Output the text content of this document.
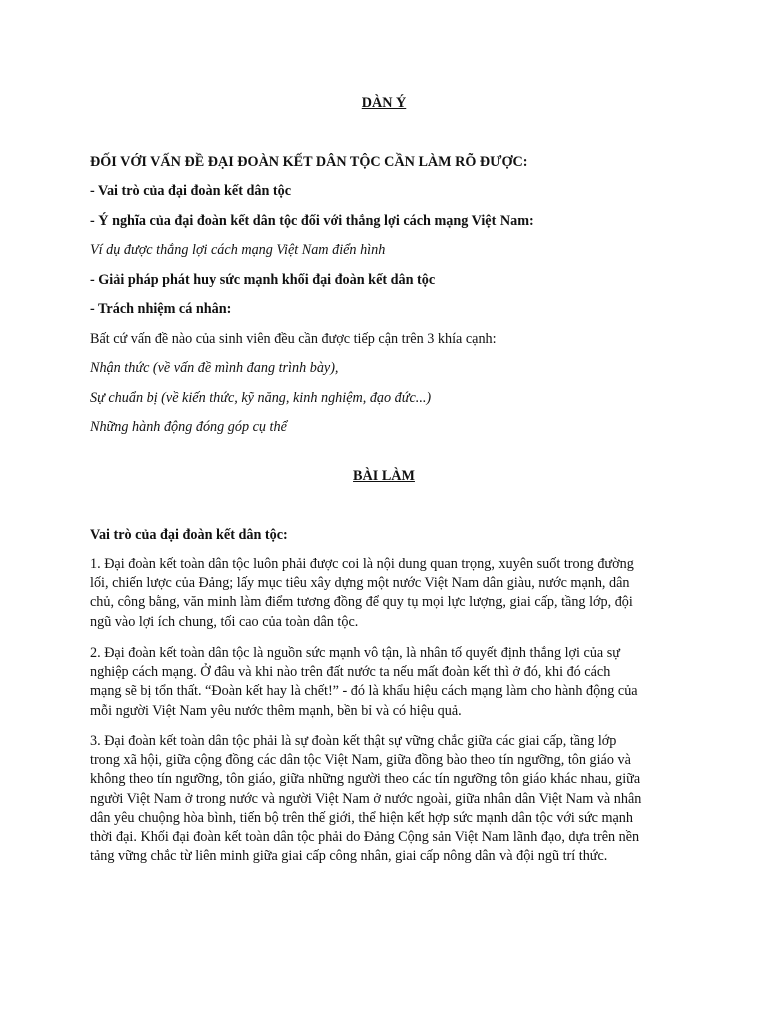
DÀN Ý
ĐỐI VỚI VẤN ĐỀ ĐẠI ĐOÀN KẾT DÂN TỘC CẦN LÀM RÕ ĐƯỢC:
- Vai trò của đại đoàn kết dân tộc
- Ý nghĩa của đại đoàn kết dân tộc đối với thắng lợi cách mạng Việt Nam:
Ví dụ được thắng lợi cách mạng Việt Nam điển hình
- Giải pháp phát huy sức mạnh khối đại đoàn kết dân tộc
- Trách nhiệm cá nhân:
Bất cứ vấn đề nào của sinh viên đều cần được tiếp cận trên 3 khía cạnh:
Nhận thức (về vấn đề mình đang trình bày),
Sự chuẩn bị (về kiến thức, kỹ năng, kinh nghiệm, đạo đức...)
Những hành động đóng góp cụ thể
BÀI LÀM
Vai trò của đại đoàn kết dân tộc:
1. Đại đoàn kết toàn dân tộc luôn phải được coi là nội dung quan trọng, xuyên suốt trong đường
lối, chiến lược của Đảng; lấy mục tiêu xây dựng một nước Việt Nam dân giàu, nước mạnh, dân
chủ, công bằng, văn minh làm điểm tương đồng để quy tụ mọi lực lượng, giai cấp, tầng lớp, đội
ngũ vào lợi ích chung, tối cao của toàn dân tộc.
2. Đại đoàn kết toàn dân tộc là nguồn sức mạnh vô tận, là nhân tố quyết định thắng lợi của sự
nghiệp cách mạng. Ở đâu và khi nào trên đất nước ta nếu mất đoàn kết thì ở đó, khi đó cách
mạng sẽ bị tổn thất. “Đoàn kết hay là chết!” - đó là khẩu hiệu cách mạng làm cho hành động của
mỗi người Việt Nam yêu nước thêm mạnh, bền bỉ và có hiệu quả.
3. Đại đoàn kết toàn dân tộc phải là sự đoàn kết thật sự vững chắc giữa các giai cấp, tầng lớp
trong xã hội, giữa cộng đồng các dân tộc Việt Nam, giữa đồng bào theo tín ngưỡng, tôn giáo và
không theo tín ngưỡng, tôn giáo, giữa những người theo các tín ngưỡng tôn giáo khác nhau, giữa
người Việt Nam ở trong nước và người Việt Nam ở nước ngoài, giữa nhân dân Việt Nam và nhân
dân yêu chuộng hòa bình, tiến bộ trên thế giới, thể hiện kết hợp sức mạnh dân tộc với sức mạnh
thời đại. Khối đại đoàn kết toàn dân tộc phải do Đảng Cộng sản Việt Nam lãnh đạo, dựa trên nền
tảng vững chắc từ liên minh giữa giai cấp công nhân, giai cấp nông dân và đội ngũ trí thức.
